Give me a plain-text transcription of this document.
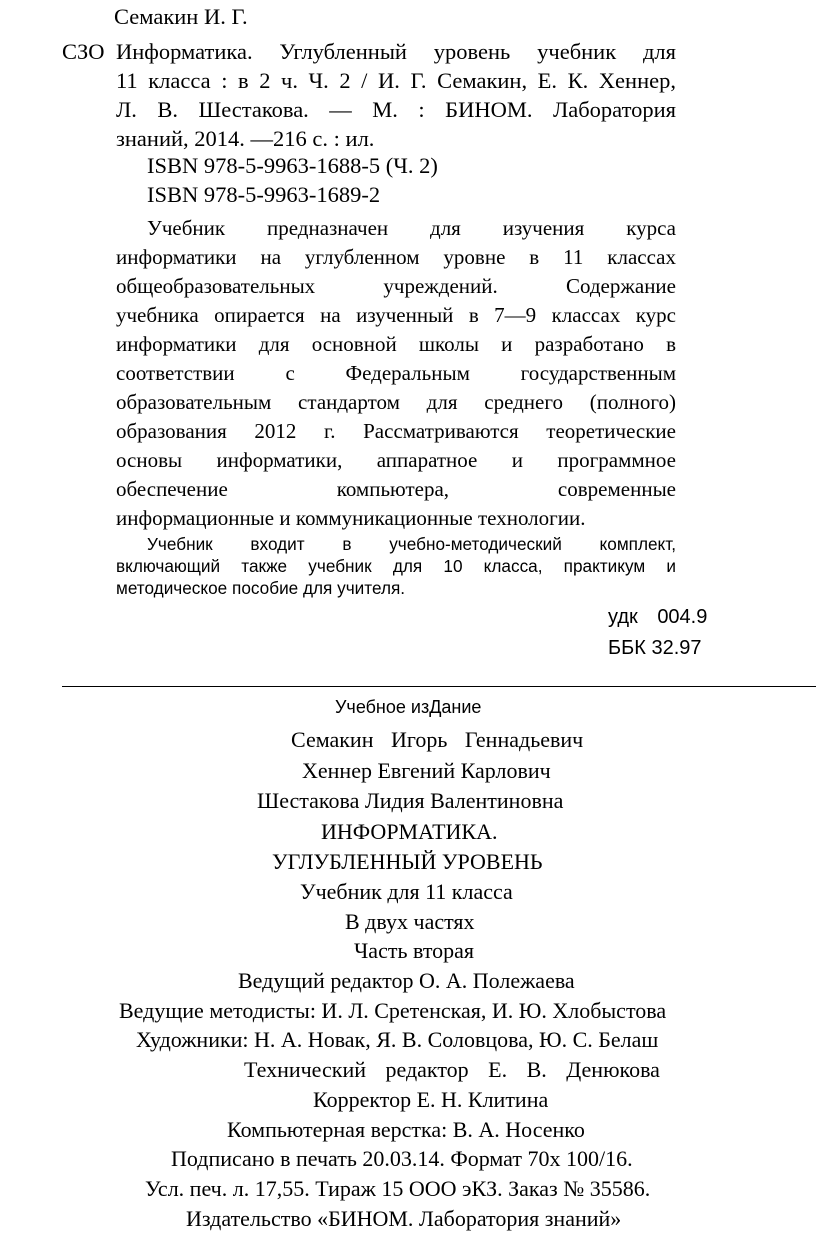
Семакин И. Г.
СЗО Информатика. Углубленный уровень учебник для
11 класса : в 2 ч. Ч. 2 / И. Г. Семакин, Е. К. Хеннер,
Л. В. Шестакова. — М. : БИНОМ. Лаборатория
знаний, 2014. —216 с. : ил.
ISBN 978-5-9963-1688-5 (Ч. 2)
ISBN 978-5-9963-1689-2
Учебник предназначен для изучения курса
информатики на углубленном уровне в 11 классах
общеобразовательных учреждений. Содержание
учебника опирается на изученный в 7—9 классах курс
информатики для основной школы и разработано в
соответствии с Федеральным государственным
образовательным стандартом для среднего (полного)
образования 2012 г. Рассматриваются теоретические
основы информатики, аппаратное и программное
обеспечение компьютера, современные
информационные и коммуникационные технологии.
Учебник входит в учебно-методический комплект,
включающий также учебник для 10 класса, практикум и
методическое пособие для учителя.
удк 004.9
ББК 32.97
Учебное изДание
Семакин Игорь Геннадьевич
Хеннер Евгений Карлович
Шестакова Лидия Валентиновна
ИНФОРМАТИКА.
УГЛУБЛЕННЫЙ УРОВЕНЬ
Учебник для 11 класса
В двух частях
Часть вторая
Ведущий редактор О. А. Полежаева
Ведущие методисты: И. Л. Сретенская, И. Ю. Хлобыстова
Художники: Н. А. Новак, Я. В. Соловцова, Ю. С. Белаш
Технический редактор Е. В. Денюкова
Корректор Е. Н. Клитина
Компьютерная верстка: В. А. Носенко
Подписано в печать 20.03.14. Формат 70х 100/16.
Усл. печ. л. 17,55. Тираж 15 ООО эКЗ. Заказ № 35586.
Издательство «БИНОМ. Лаборатория знаний»
